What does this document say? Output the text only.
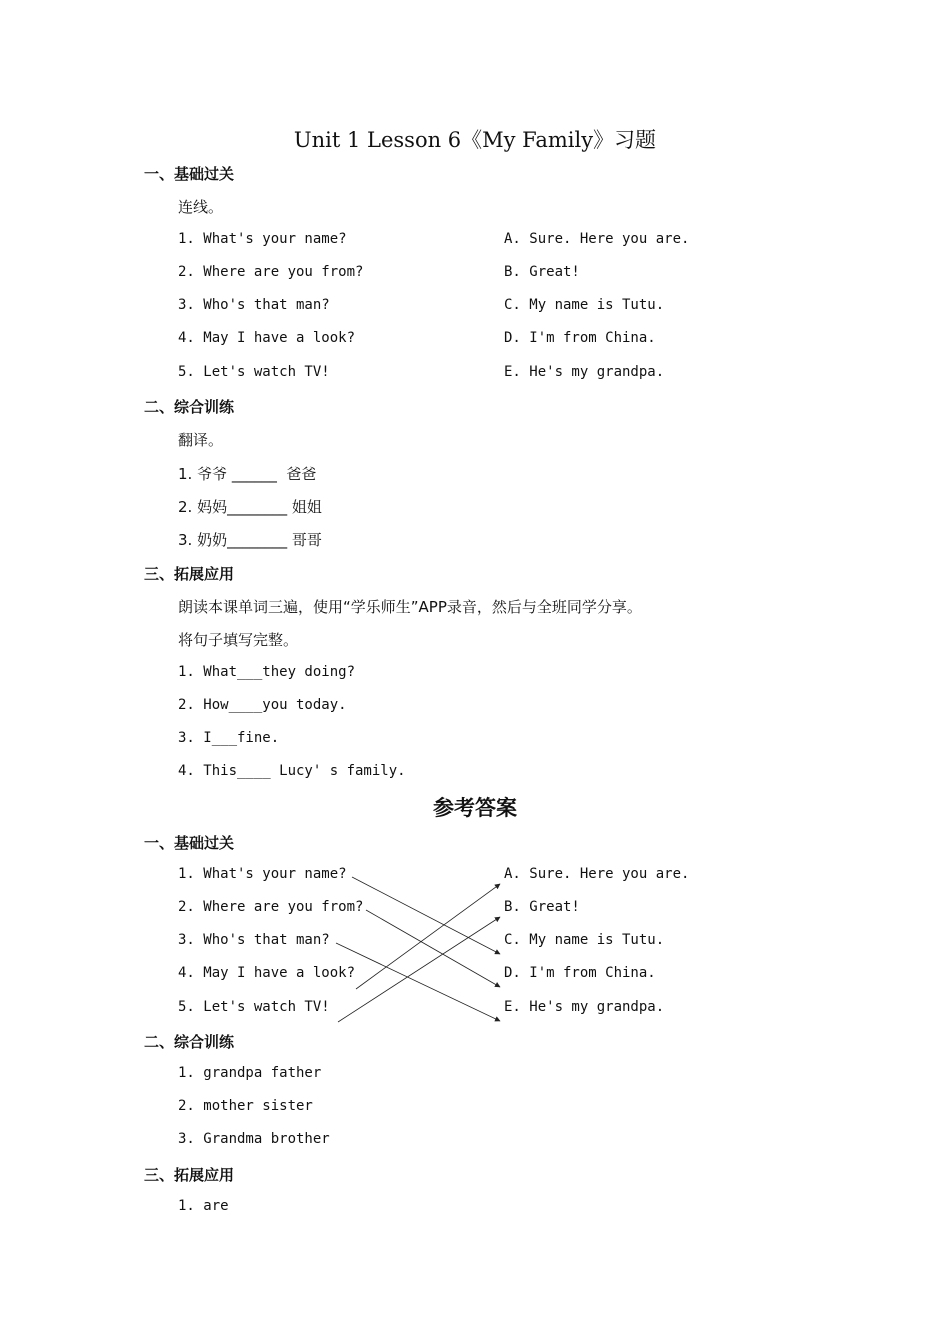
Unit 1 Lesson 6《My Family》习题
一、基础过关
连线。
1. What's your name?
2. Where are you from?
3. Who's that man?
4. May I have a look?
5. Let's watch TV!
A. Sure. Here you are.
B. Great!
C. My name is Tutu.
D. I'm from China.
E. He's my grandpa.
二、综合训练
翻译。
1. 爷爷 ______  爸爸
2. 妈妈________ 姐姐
3. 奶奶________ 哥哥
三、拓展应用
朗读本课单词三遍，使用“学乐师生”APP录音，然后与全班同学分享。
将句子填写完整。
1. What___they doing?
2. How____you today.
3. I___fine.
4. This____ Lucy' s family.
参考答案
一、基础过关
1. What's your name?
2. Where are you from?
3. Who's that man?
4. May I have a look?
5. Let's watch TV!
A. Sure. Here you are.
B. Great!
C. My name is Tutu.
D. I'm from China.
E. He's my grandpa.
二、综合训练
1. grandpa father
2. mother sister
3. Grandma brother
三、拓展应用
1. are
